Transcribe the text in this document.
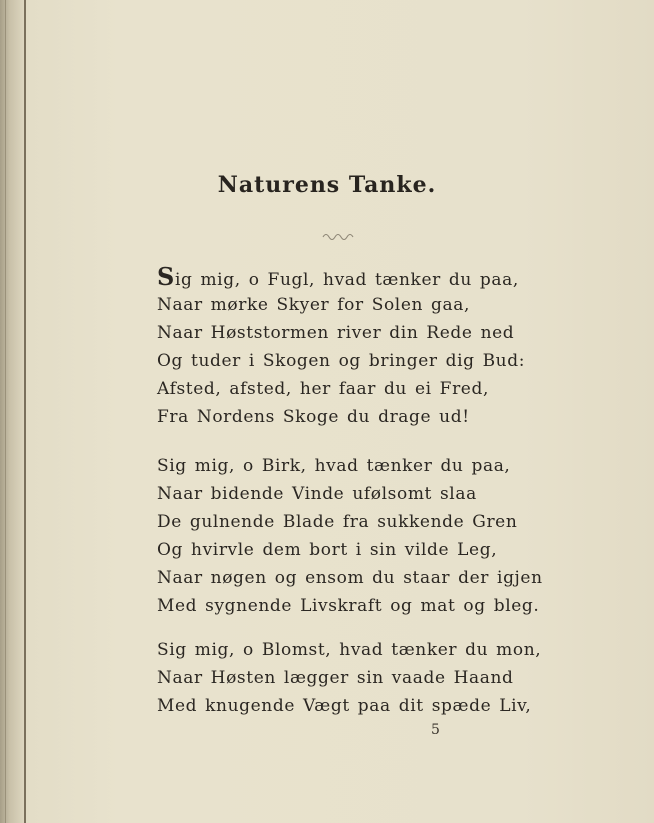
Naturens Tanke.
Sig mig, o Fugl, hvad tænker du paa,
Naar mørke Skyer for Solen gaa,
Naar Høststormen river din Rede ned
Og tuder i Skogen og bringer dig Bud:
Afsted, afsted, her faar du ei Fred,
Fra Nordens Skoge du drage ud!
Sig mig, o Birk, hvad tænker du paa,
Naar bidende Vinde ufølsomt slaa
De gulnende Blade fra sukkende Gren
Og hvirvle dem bort i sin vilde Leg,
Naar nøgen og ensom du staar der igjen
Med sygnende Livskraft og mat og bleg.
Sig mig, o Blomst, hvad tænker du mon,
Naar Høsten lægger sin vaade Haand
Med knugende Vægt paa dit spæde Liv,
5
